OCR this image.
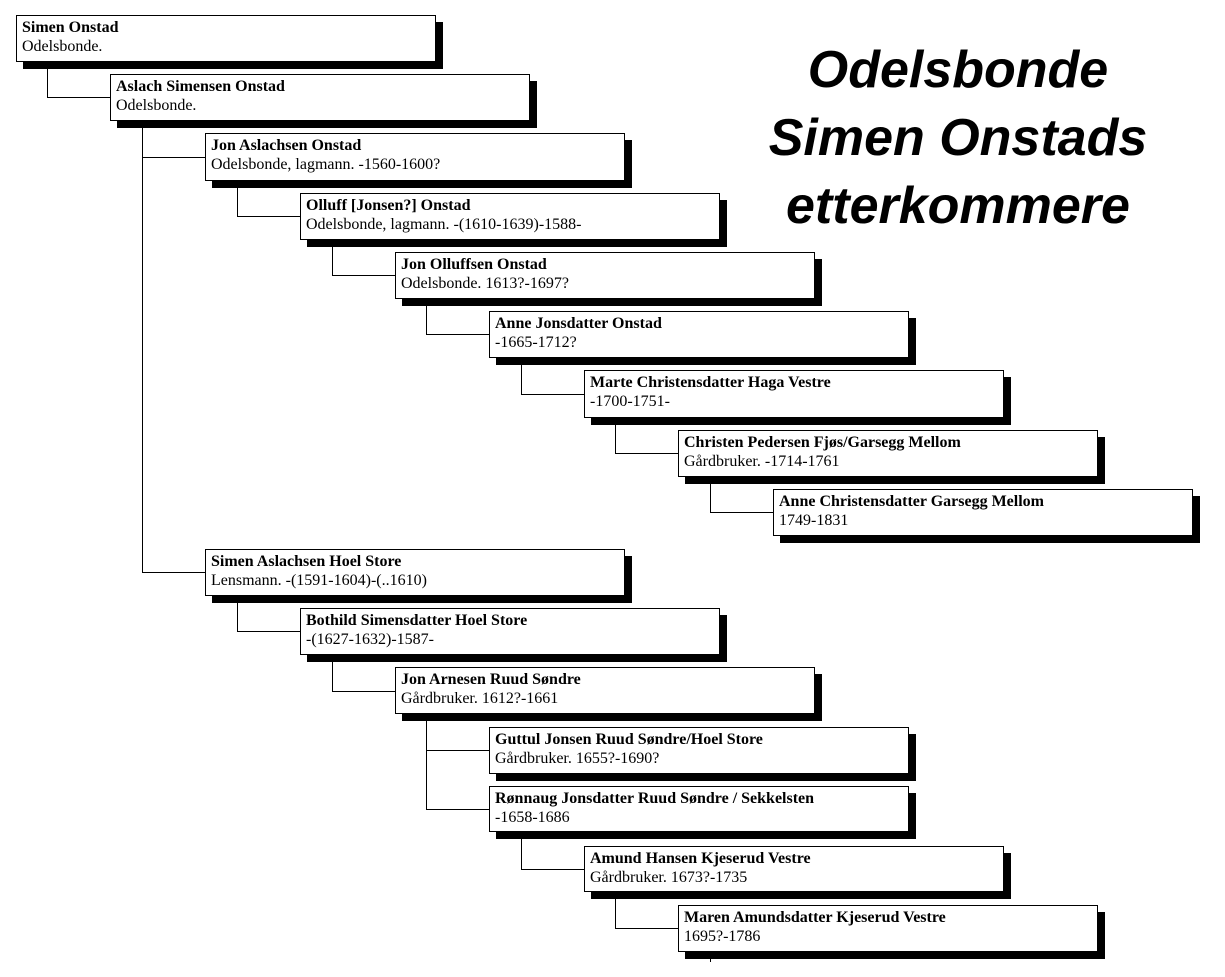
Odelsbonde
Simen Onstads
etterkommere
Simen Onstad
Odelsbonde.
Aslach Simensen Onstad
Odelsbonde.
Jon Aslachsen Onstad
Odelsbonde, lagmann. -1560-1600?
Olluff [Jonsen?] Onstad
Odelsbonde, lagmann. -(1610-1639)-1588-
Jon Olluffsen Onstad
Odelsbonde. 1613?-1697?
Anne Jonsdatter Onstad
-1665-1712?
Marte Christensdatter Haga Vestre
-1700-1751-
Christen Pedersen Fjøs/Garsegg Mellom
Gårdbruker. -1714-1761
Anne Christensdatter Garsegg Mellom
1749-1831
Simen Aslachsen Hoel Store
Lensmann. -(1591-1604)-(..1610)
Bothild Simensdatter Hoel Store
-(1627-1632)-1587-
Jon Arnesen Ruud Søndre
Gårdbruker. 1612?-1661
Guttul Jonsen Ruud Søndre/Hoel Store
Gårdbruker. 1655?-1690?
Rønnaug Jonsdatter Ruud Søndre / Sekkelsten
-1658-1686
Amund Hansen Kjeserud Vestre
Gårdbruker. 1673?-1735
Maren Amundsdatter Kjeserud Vestre
1695?-1786
